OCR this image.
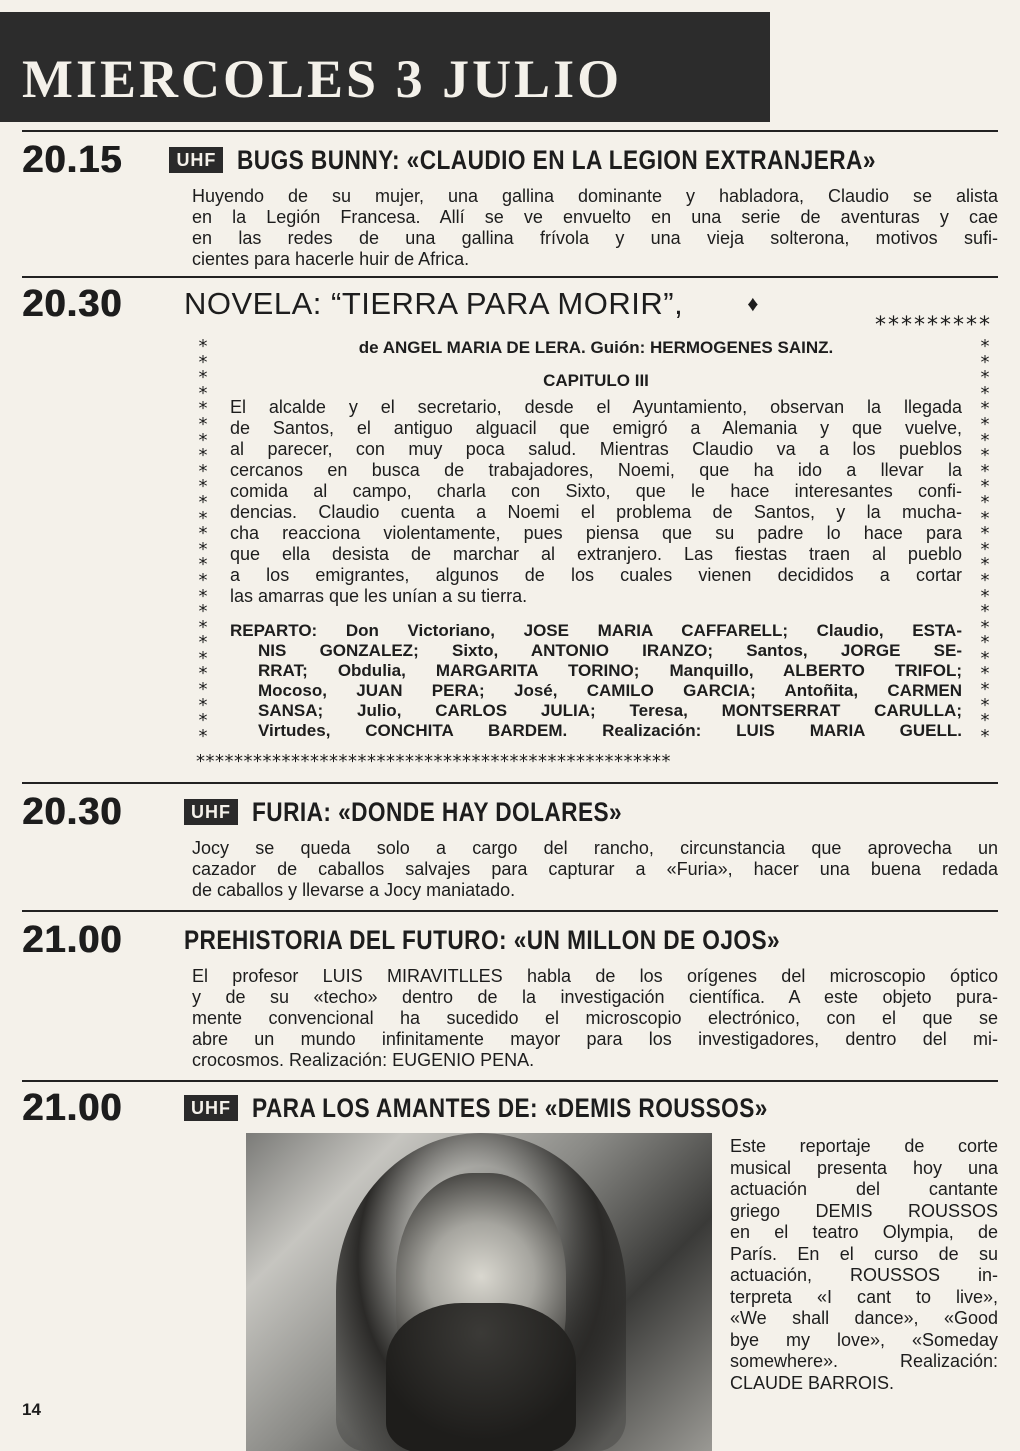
MIERCOLES 3 JULIO
20.15	UHF BUGS BUNNY: «CLAUDIO EN LA LEGION EXTRANJERA»
Huyendo de su mujer, una gallina dominante y habladora, Claudio se alista
en la Legión Francesa. Allí se ve envuelto en una serie de aventuras y cae
en las redes de una gallina frívola y una vieja solterona, motivos sufi-
cientes para hacerle huir de Africa.
20.30	NOVELA: “TIERRA PARA MORIR”,	♦
*********
*
*
*
*
*
*
*
*
*
*
*
*
*
*
*
*
*
*
*
*
*
*
*
*
*
*
*
*
*
*
*
*
*
*
*
*
*
*
*
*
*
*
*
*
*
*
*
*
*
*
*
*
de ANGEL MARIA DE LERA. Guión: HERMOGENES SAINZ.
CAPITULO III
El alcalde y el secretario, desde el Ayuntamiento, observan la llegada
de Santos, el antiguo alguacil que emigró a Alemania y que vuelve,
al parecer, con muy poca salud. Mientras Claudio va a los pueblos
cercanos en busca de trabajadores, Noemi, que ha ido a llevar la
comida al campo, charla con Sixto, que le hace interesantes confi-
dencias. Claudio cuenta a Noemi el problema de Santos, y la mucha-
cha reacciona violentamente, pues piensa que su padre lo hace para
que ella desista de marchar al extranjero. Las fiestas traen al pueblo
a los emigrantes, algunos de los cuales vienen decididos a cortar
las amarras que les unían a su tierra.
REPARTO: Don Victoriano, JOSE MARIA CAFFARELL; Claudio, ESTA-
NIS GONZALEZ; Sixto, ANTONIO IRANZO; Santos, JORGE SE-
RRAT; Obdulia, MARGARITA TORINO; Manquillo, ALBERTO TRIFOL;
Mocoso, JUAN PERA; José, CAMILO GARCIA; Antoñita, CARMEN
SANSA; Julio, CARLOS JULIA; Teresa, MONTSERRAT CARULLA;
Virtudes, CONCHITA BARDEM. Realización: LUIS MARIA GUELL.
**************************************************
20.30	UHF FURIA: «DONDE HAY DOLARES»
Jocy se queda solo a cargo del rancho, circunstancia que aprovecha un
cazador de caballos salvajes para capturar a «Furia», hacer una buena redada
de caballos y llevarse a Jocy maniatado.
21.00	PREHISTORIA DEL FUTURO: «UN MILLON DE OJOS»
El profesor LUIS MIRAVITLLES habla de los orígenes del microscopio óptico
y de su «techo» dentro de la investigación científica. A este objeto pura-
mente convencional ha sucedido el microscopio electrónico, con el que se
abre un mundo infinitamente mayor para los investigadores, dentro del mi-
crocosmos. Realización: EUGENIO PENA.
21.00	UHF PARA LOS AMANTES DE: «DEMIS ROUSSOS»
Este reportaje de corte
musical presenta hoy una
actuación del cantante
griego DEMIS ROUSSOS
en el teatro Olympia, de
París. En el curso de su
actuación, ROUSSOS in-
terpreta «I cant to live»,
«We shall dance», «Good
bye my love», «Someday
somewhere». Realización:
CLAUDE BARROIS.
14
